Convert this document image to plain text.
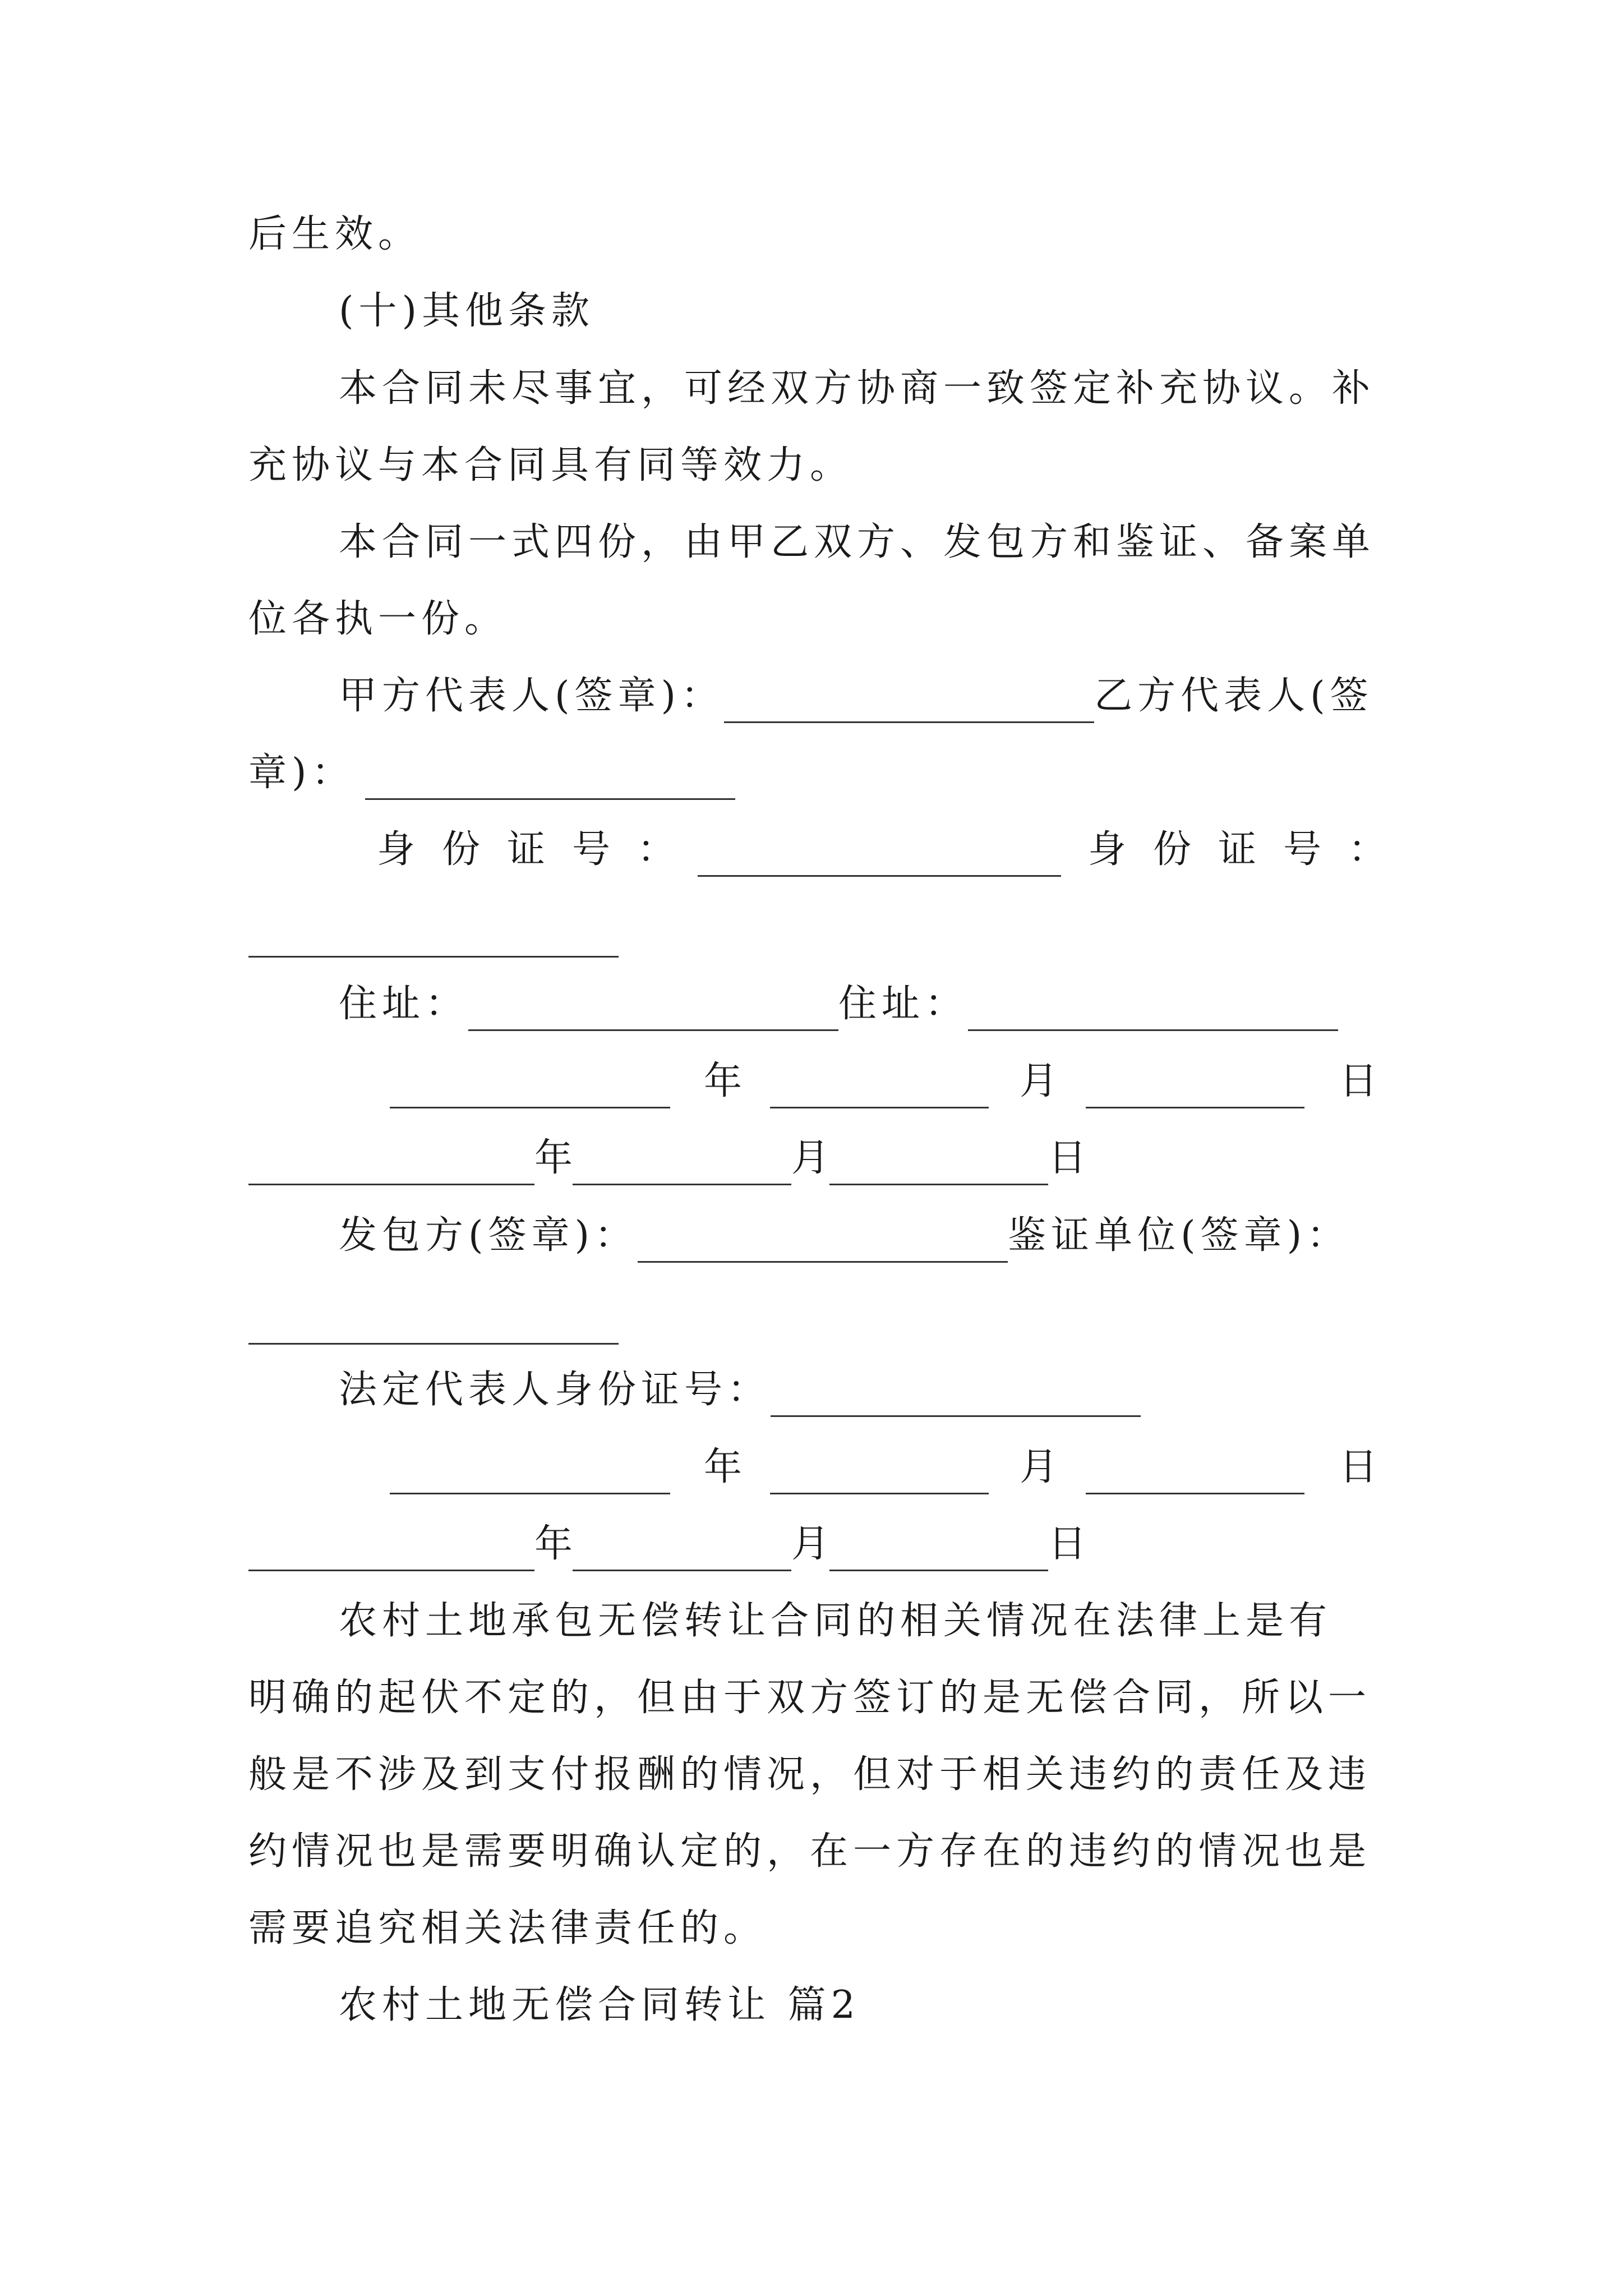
后生效。
(十)其他条款
本合同未尽事宜，可经双方协商一致签定补充协议。补
充协议与本合同具有同等效力。
本合同一式四份，由甲乙双方、发包方和鉴证、备案单
位各执一份。
甲方代表人(签章)：	乙方代表人(签
章)：
身 份 证 号 ：	身 份 证 号 ：
住址：	住址：
年	月	日
年	月	日
发包方(签章)：	鉴证单位(签章)：
法定代表人身份证号：
年	月	日
年	月	日
农村土地承包无偿转让合同的相关情况在法律上是有
明确的起伏不定的，但由于双方签订的是无偿合同，所以一
般是不涉及到支付报酬的情况，但对于相关违约的责任及违
约情况也是需要明确认定的，在一方存在的违约的情况也是
需要追究相关法律责任的。
农村土地无偿合同转让 篇2
